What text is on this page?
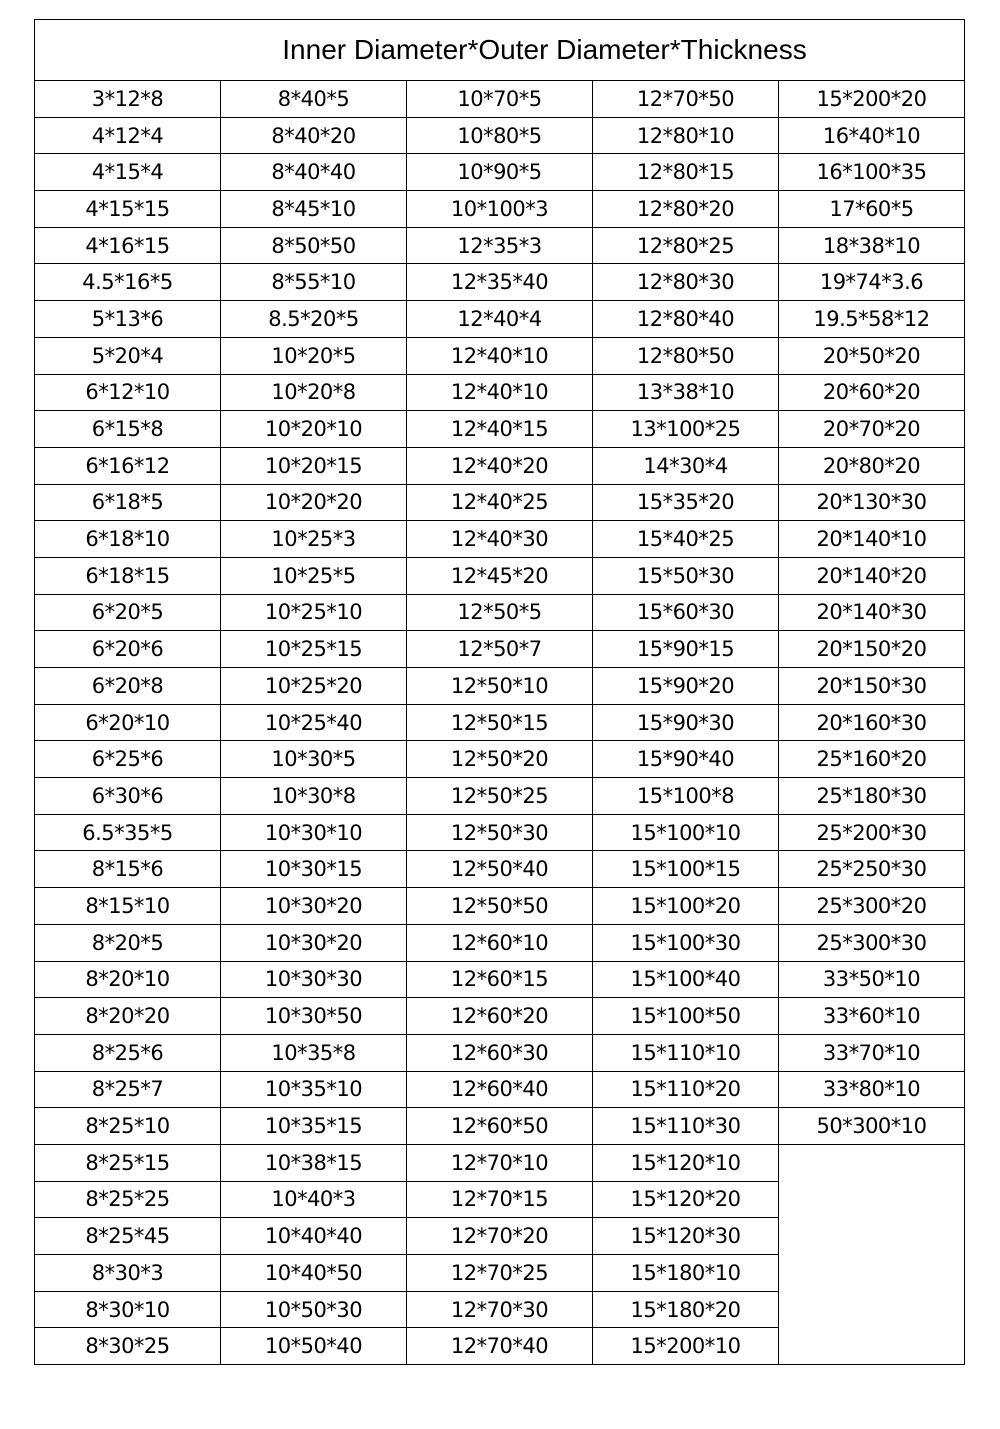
Inner Diameter*Outer Diameter*Thickness				
3*12*8	8*40*5	10*70*5	12*70*50	15*200*20
4*12*4	8*40*20	10*80*5	12*80*10	16*40*10
4*15*4	8*40*40	10*90*5	12*80*15	16*100*35
4*15*15	8*45*10	10*100*3	12*80*20	17*60*5
4*16*15	8*50*50	12*35*3	12*80*25	18*38*10
4.5*16*5	8*55*10	12*35*40	12*80*30	19*74*3.6
5*13*6	8.5*20*5	12*40*4	12*80*40	19.5*58*12
5*20*4	10*20*5	12*40*10	12*80*50	20*50*20
6*12*10	10*20*8	12*40*10	13*38*10	20*60*20
6*15*8	10*20*10	12*40*15	13*100*25	20*70*20
6*16*12	10*20*15	12*40*20	14*30*4	20*80*20
6*18*5	10*20*20	12*40*25	15*35*20	20*130*30
6*18*10	10*25*3	12*40*30	15*40*25	20*140*10
6*18*15	10*25*5	12*45*20	15*50*30	20*140*20
6*20*5	10*25*10	12*50*5	15*60*30	20*140*30
6*20*6	10*25*15	12*50*7	15*90*15	20*150*20
6*20*8	10*25*20	12*50*10	15*90*20	20*150*30
6*20*10	10*25*40	12*50*15	15*90*30	20*160*30
6*25*6	10*30*5	12*50*20	15*90*40	25*160*20
6*30*6	10*30*8	12*50*25	15*100*8	25*180*30
6.5*35*5	10*30*10	12*50*30	15*100*10	25*200*30
8*15*6	10*30*15	12*50*40	15*100*15	25*250*30
8*15*10	10*30*20	12*50*50	15*100*20	25*300*20
8*20*5	10*30*20	12*60*10	15*100*30	25*300*30
8*20*10	10*30*30	12*60*15	15*100*40	33*50*10
8*20*20	10*30*50	12*60*20	15*100*50	33*60*10
8*25*6	10*35*8	12*60*30	15*110*10	33*70*10
8*25*7	10*35*10	12*60*40	15*110*20	33*80*10
8*25*10	10*35*15	12*60*50	15*110*30	50*300*10
8*25*15	10*38*15	12*70*10	15*120*10	
8*25*25	10*40*3	12*70*15	15*120*20	
8*25*45	10*40*40	12*70*20	15*120*30	
8*30*3	10*40*50	12*70*25	15*180*10	
8*30*10	10*50*30	12*70*30	15*180*20	
8*30*25	10*50*40	12*70*40	15*200*10	
